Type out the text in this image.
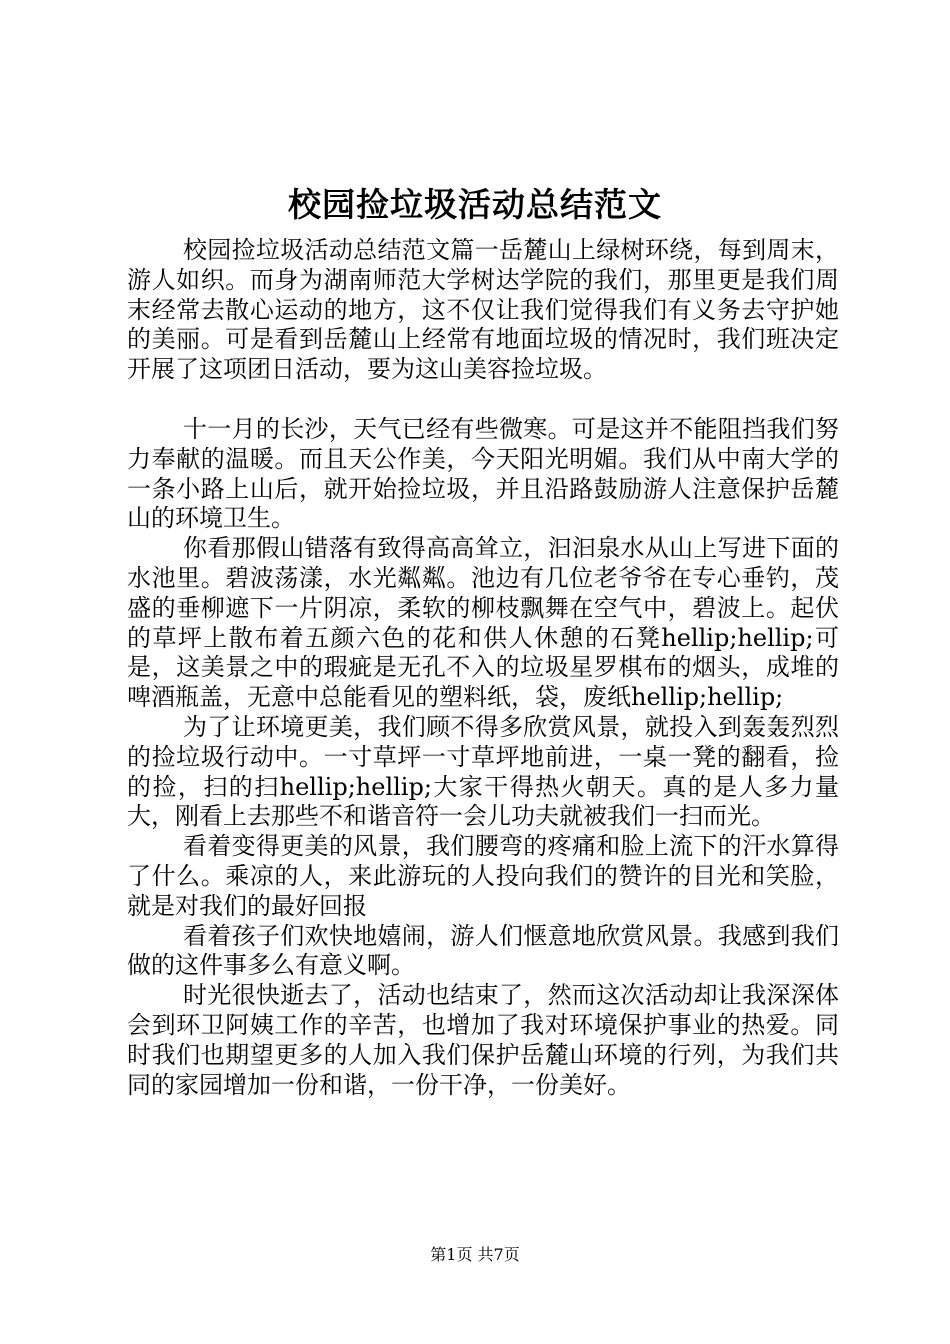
校园捡垃圾活动总结范文

校园捡垃圾活动总结范文篇一岳麓山上绿树环绕，每到周末，游人如织。而身为湖南师范大学树达学院的我们，那里更是我们周末经常去散心运动的地方，这不仅让我们觉得我们有义务去守护她的美丽。可是看到岳麓山上经常有地面垃圾的情况时，我们班决定开展了这项团日活动，要为这山美容捡垃圾。

十一月的长沙，天气已经有些微寒。可是这并不能阻挡我们努力奉献的温暖。而且天公作美，今天阳光明媚。我们从中南大学的一条小路上山后，就开始捡垃圾，并且沿路鼓励游人注意保护岳麓山的环境卫生。

你看那假山错落有致得高高耸立，汩汩泉水从山上写进下面的水池里。碧波荡漾，水光粼粼。池边有几位老爷爷在专心垂钓，茂盛的垂柳遮下一片阴凉，柔软的柳枝飘舞在空气中，碧波上。起伏的草坪上散布着五颜六色的花和供人休憩的石凳hellip;hellip;可是，这美景之中的瑕疵是无孔不入的垃圾星罗棋布的烟头，成堆的啤酒瓶盖，无意中总能看见的塑料纸，袋，废纸hellip;hellip;

为了让环境更美，我们顾不得多欣赏风景，就投入到轰轰烈烈的捡垃圾行动中。一寸草坪一寸草坪地前进，一桌一凳的翻看，捡的捡，扫的扫hellip;hellip;大家干得热火朝天。真的是人多力量大，刚看上去那些不和谐音符一会儿功夫就被我们一扫而光。

看着变得更美的风景，我们腰弯的疼痛和脸上流下的汗水算得了什么。乘凉的人，来此游玩的人投向我们的赞许的目光和笑脸，就是对我们的最好回报

看着孩子们欢快地嬉闹，游人们惬意地欣赏风景。我感到我们做的这件事多么有意义啊。

时光很快逝去了，活动也结束了，然而这次活动却让我深深体会到环卫阿姨工作的辛苦，也增加了我对环境保护事业的热爱。同时我们也期望更多的人加入我们保护岳麓山环境的行列，为我们共同的家园增加一份和谐，一份干净，一份美好。

第1页 共7页
